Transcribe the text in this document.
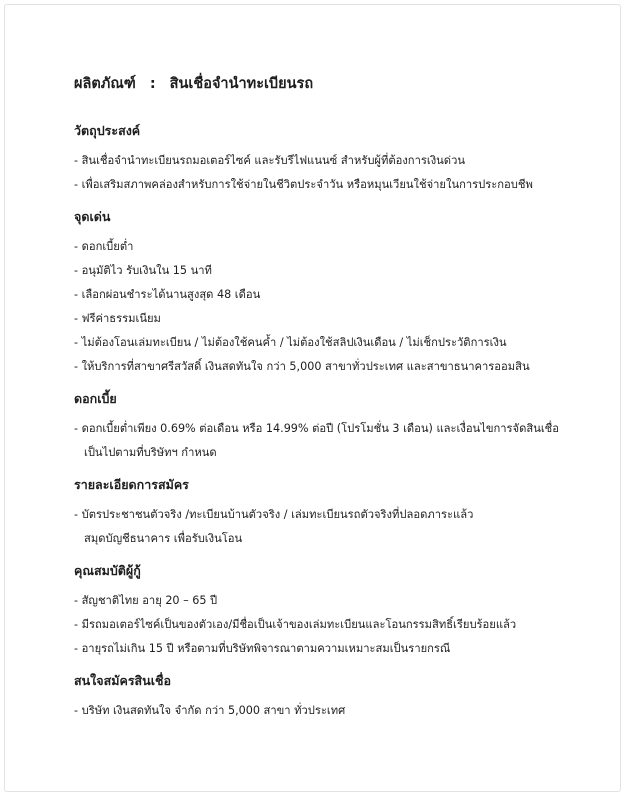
ผลิตภัณฑ์ : สินเชื่อจำนำทะเบียนรถ
วัตถุประสงค์

- สินเชื่อจำนำทะเบียนรถมอเตอร์ไซค์ และรับรีไฟแนนซ์ สำหรับผู้ที่ต้องการเงินด่วน

- เพื่อเสริมสภาพคล่องสำหรับการใช้จ่ายในชีวิตประจำวัน หรือหมุนเวียนใช้จ่ายในการประกอบชีพ

จุดเด่น

- ดอกเบี้ยต่ำ

- อนุมัติไว รับเงินใน 15 นาที

- เลือกผ่อนชำระได้นานสูงสุด 48 เดือน

- ฟรีค่าธรรมเนียม

- ไม่ต้องโอนเล่มทะเบียน / ไม่ต้องใช้คนค้ำ / ไม่ต้องใช้สลิปเงินเดือน / ไม่เช็กประวัติการเงิน

- ให้บริการที่สาขาศรีสวัสดิ์ เงินสดทันใจ กว่า 5,000 สาขาทั่วประเทศ และสาขาธนาคารออมสิน

ดอกเบี้ย

- ดอกเบี้ยต่ำเพียง 0.69% ต่อเดือน หรือ 14.99% ต่อปี (โปรโมชั่น 3 เดือน) และเงื่อนไขการจัดสินเชื่อ

เป็นไปตามที่บริษัทฯ กำหนด

รายละเอียดการสมัคร

- บัตรประชาชนตัวจริง /ทะเบียนบ้านตัวจริง / เล่มทะเบียนรถตัวจริงที่ปลอดภาระแล้ว

สมุดบัญชีธนาคาร เพื่อรับเงินโอน

คุณสมบัติผู้กู้

- สัญชาติไทย อายุ 20 – 65 ปี

- มีรถมอเตอร์ไซค์เป็นของตัวเอง/มีชื่อเป็นเจ้าของเล่มทะเบียนและโอนกรรมสิทธิ์เรียบร้อยแล้ว

- อายุรถไม่เกิน 15 ปี หรือตามที่บริษัทพิจารณาตามความเหมาะสมเป็นรายกรณี

สนใจสมัครสินเชื่อ

- บริษัท เงินสดทันใจ จำกัด กว่า 5,000 สาขา ทั่วประเทศ
